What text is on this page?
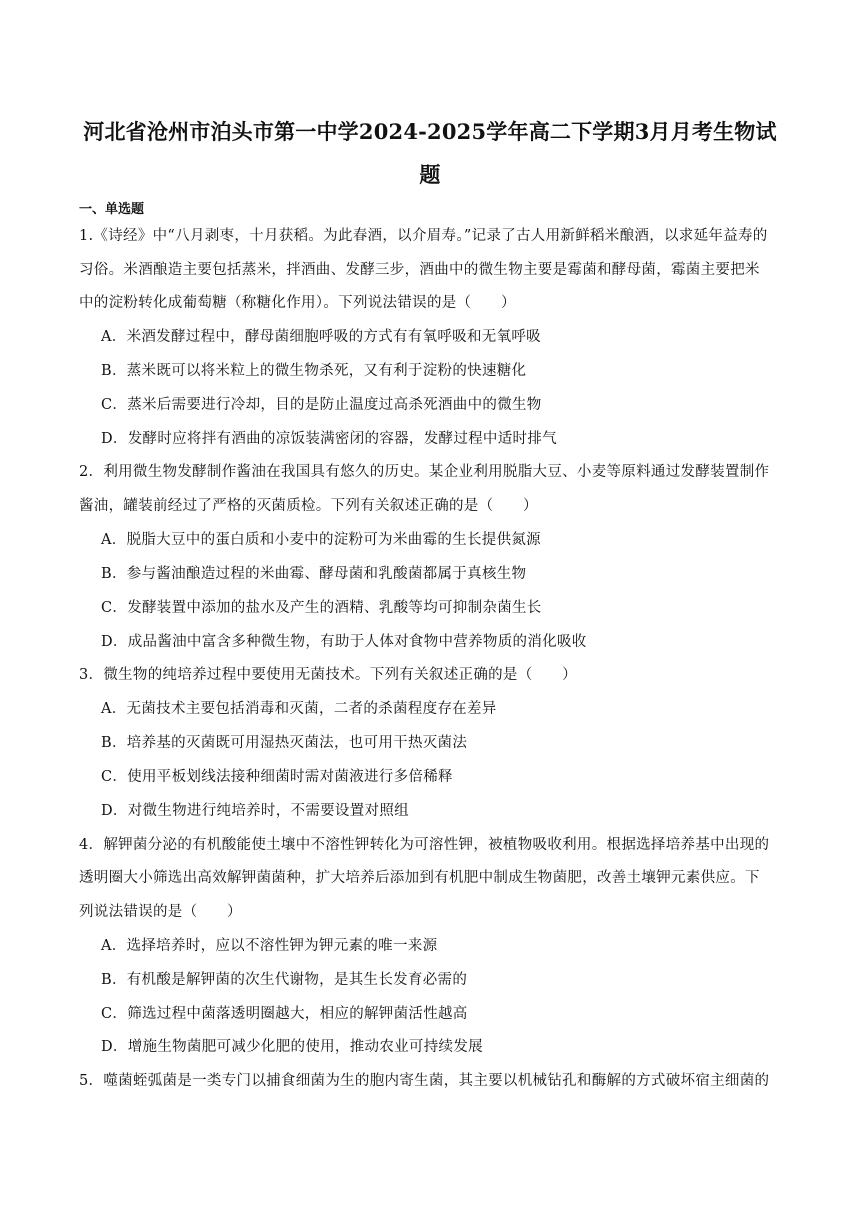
河北省沧州市泊头市第一中学2024-2025学年高二下学期3月月考生物试
题
一、单选题
1.《诗经》中“八月剥枣，十月获稻。为此春酒，以介眉寿。”记录了古人用新鲜稻米酿酒，以求延年益寿的
习俗。米酒酿造主要包括蒸米，拌酒曲、发酵三步，酒曲中的微生物主要是霉菌和酵母菌，霉菌主要把米
中的淀粉转化成葡萄糖（称糖化作用）。下列说法错误的是（　　）
A．米酒发酵过程中，酵母菌细胞呼吸的方式有有氧呼吸和无氧呼吸
B．蒸米既可以将米粒上的微生物杀死，又有利于淀粉的快速糖化
C．蒸米后需要进行冷却，目的是防止温度过高杀死酒曲中的微生物
D．发酵时应将拌有酒曲的凉饭装满密闭的容器，发酵过程中适时排气
2．利用微生物发酵制作酱油在我国具有悠久的历史。某企业利用脱脂大豆、小麦等原料通过发酵装置制作
酱油，罐装前经过了严格的灭菌质检。下列有关叙述正确的是（　　）
A．脱脂大豆中的蛋白质和小麦中的淀粉可为米曲霉的生长提供氮源
B．参与酱油酿造过程的米曲霉、酵母菌和乳酸菌都属于真核生物
C．发酵装置中添加的盐水及产生的酒精、乳酸等均可抑制杂菌生长
D．成品酱油中富含多种微生物，有助于人体对食物中营养物质的消化吸收
3．微生物的纯培养过程中要使用无菌技术。下列有关叙述正确的是（　　）
A．无菌技术主要包括消毒和灭菌，二者的杀菌程度存在差异
B．培养基的灭菌既可用湿热灭菌法，也可用干热灭菌法
C．使用平板划线法接种细菌时需对菌液进行多倍稀释
D．对微生物进行纯培养时，不需要设置对照组
4．解钾菌分泌的有机酸能使土壤中不溶性钾转化为可溶性钾，被植物吸收利用。根据选择培养基中出现的
透明圈大小筛选出高效解钾菌菌种，扩大培养后添加到有机肥中制成生物菌肥，改善土壤钾元素供应。下
列说法错误的是（　　）
A．选择培养时，应以不溶性钾为钾元素的唯一来源
B．有机酸是解钾菌的次生代谢物，是其生长发育必需的
C．筛选过程中菌落透明圈越大，相应的解钾菌活性越高
D．增施生物菌肥可减少化肥的使用，推动农业可持续发展
5．噬菌蛭弧菌是一类专门以捕食细菌为生的胞内寄生菌，其主要以机械钻孔和酶解的方式破坏宿主细菌的
